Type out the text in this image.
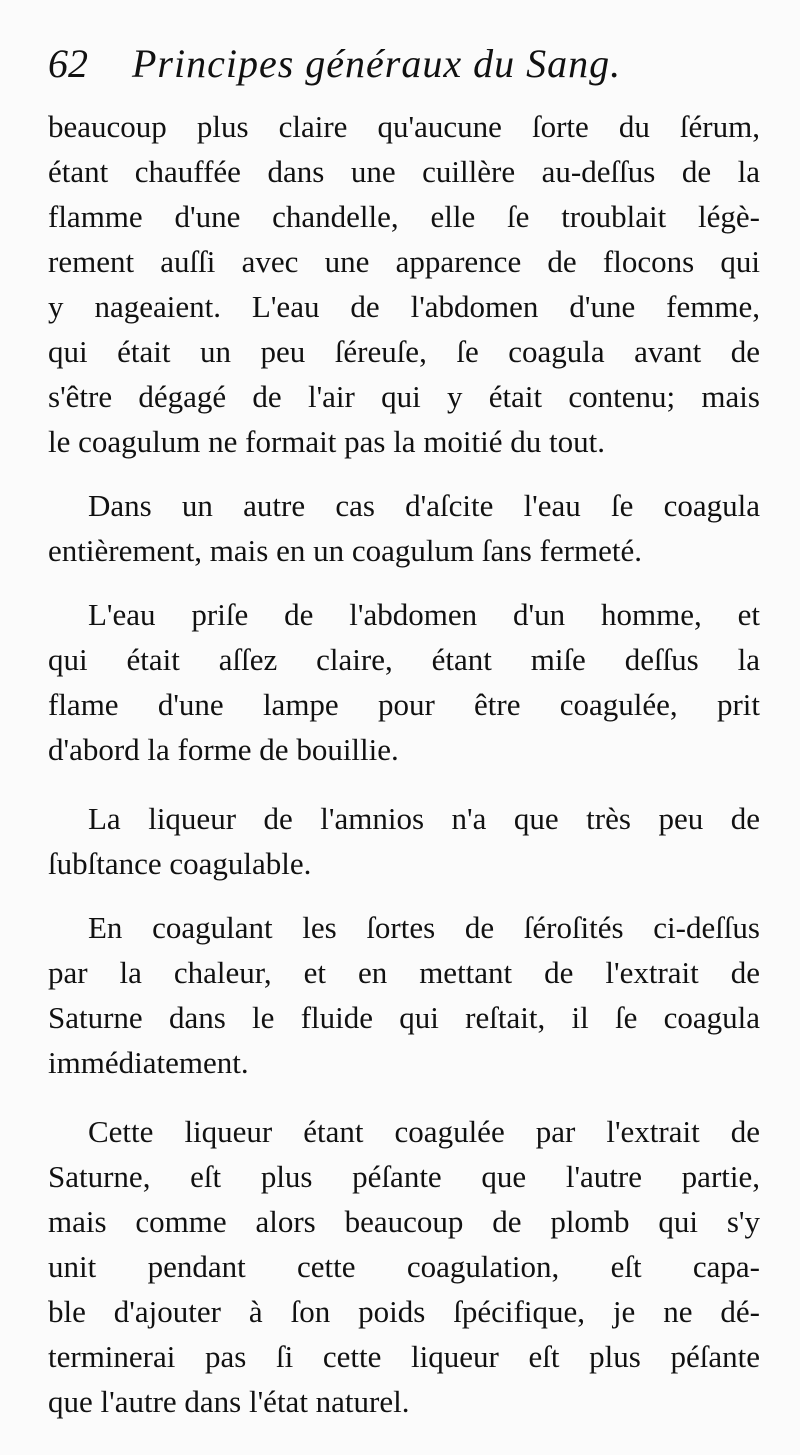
62	Principes généraux du Sang.
beaucoup plus claire qu'aucune ſorte du ſérum,
étant chauffée dans une cuillère au-deſſus de la
flamme d'une chandelle, elle ſe troublait légè-
rement auſſi avec une apparence de flocons qui
y nageaient. L'eau de l'abdomen d'une femme,
qui était un peu ſéreuſe, ſe coagula avant de
s'être dégagé de l'air qui y était contenu; mais
le coagulum ne formait pas la moitié du tout.
Dans un autre cas d'aſcite l'eau ſe coagula
entièrement, mais en un coagulum ſans fermeté.
L'eau priſe de l'abdomen d'un homme, et
qui était aſſez claire, étant miſe deſſus la
flame d'une lampe pour être coagulée, prit
d'abord la forme de bouillie.
La liqueur de l'amnios n'a que très peu de
ſubſtance coagulable.
En coagulant les ſortes de ſéroſités ci-deſſus
par la chaleur, et en mettant de l'extrait de
Saturne dans le fluide qui reſtait, il ſe coagula
immédiatement.
Cette liqueur étant coagulée par l'extrait de
Saturne, eſt plus péſante que l'autre partie,
mais comme alors beaucoup de plomb qui s'y
unit pendant cette coagulation, eſt capa-
ble d'ajouter à ſon poids ſpécifique, je ne dé-
terminerai pas ſi cette liqueur eſt plus péſante
que l'autre dans l'état naturel.
